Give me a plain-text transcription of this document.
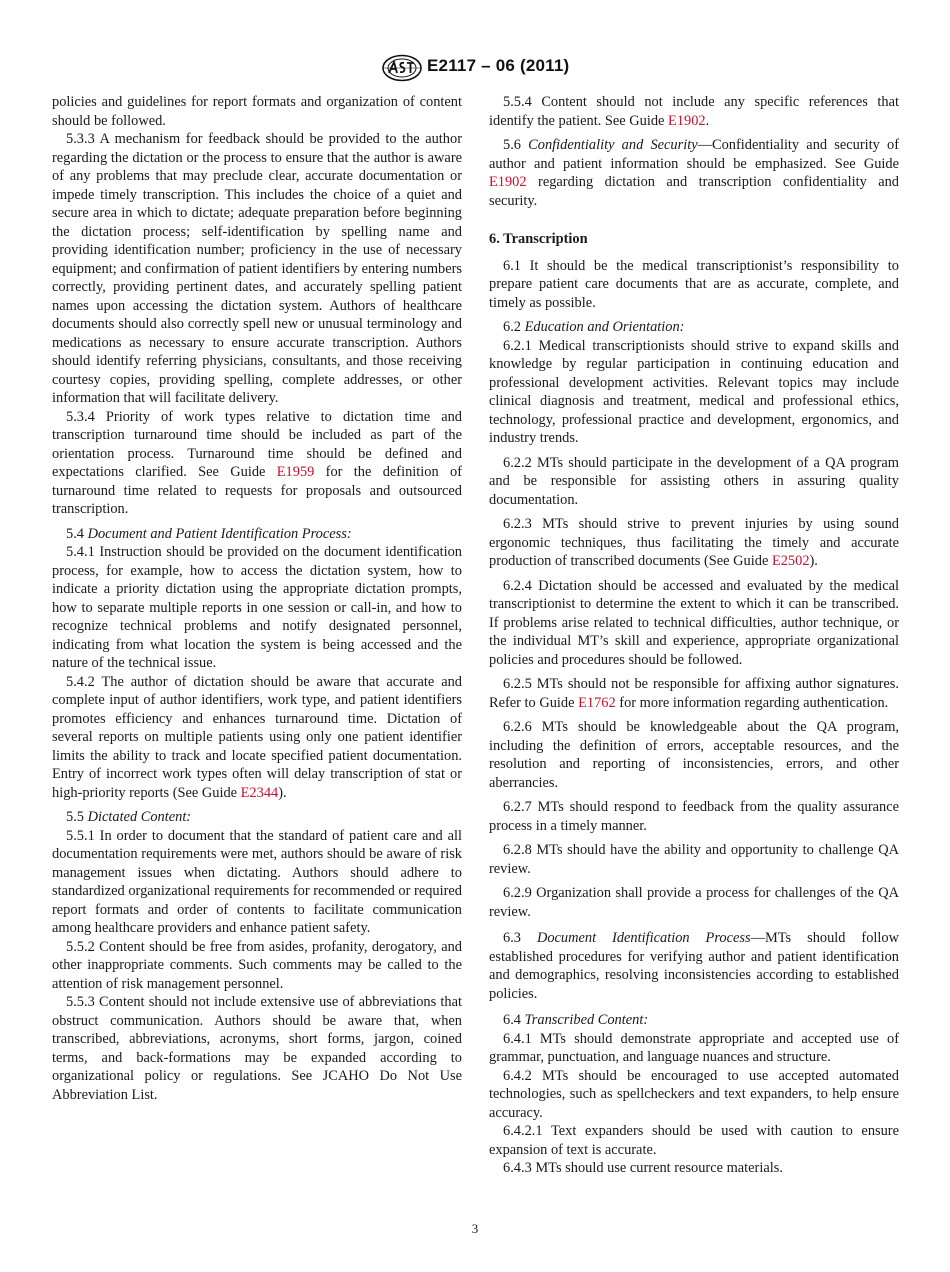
E2117 – 06 (2011)

policies and guidelines for report formats and organization of content should be followed.

5.3.3 A mechanism for feedback should be provided to the author regarding the dictation or the process to ensure that the author is aware of any problems that may preclude clear, accurate documentation or impede timely transcription. This includes the choice of a quiet and secure area in which to dictate; adequate preparation before beginning the dictation process; self-identification by spelling name and providing identification number; proficiency in the use of necessary equipment; and confirmation of patient identifiers by entering numbers correctly, providing pertinent dates, and accurately spelling patient names upon accessing the dictation system. Authors of healthcare documents should also correctly spell new or unusual terminology and medications as necessary to ensure accurate transcription. Authors should identify referring physicians, consultants, and those receiving courtesy copies, providing spelling, complete addresses, or other information that will facilitate delivery.

5.3.4 Priority of work types relative to dictation time and transcription turnaround time should be included as part of the orientation process. Turnaround time should be defined and expectations clarified. See Guide E1959 for the definition of turnaround time related to requests for proposals and outsourced transcription.

5.4 Document and Patient Identification Process:

5.4.1 Instruction should be provided on the document identification process, for example, how to access the dictation system, how to indicate a priority dictation using the appropriate dictation prompts, how to separate multiple reports in one session or call-in, and how to recognize technical problems and notify designated personnel, indicating from what location the system is being accessed and the nature of the technical issue.

5.4.2 The author of dictation should be aware that accurate and complete input of author identifiers, work type, and patient identifiers promotes efficiency and enhances turnaround time. Dictation of several reports on multiple patients using only one patient identifier limits the ability to track and locate specified patient documentation. Entry of incorrect work types often will delay transcription of stat or high-priority reports (See Guide E2344).

5.5 Dictated Content:

5.5.1 In order to document that the standard of patient care and all documentation requirements were met, authors should be aware of risk management issues when dictating. Authors should adhere to standardized organizational requirements for recommended or required report formats and order of contents to facilitate communication among healthcare providers and enhance patient safety.

5.5.2 Content should be free from asides, profanity, derogatory, and other inappropriate comments. Such comments may be called to the attention of risk management personnel.

5.5.3 Content should not include extensive use of abbreviations that obstruct communication. Authors should be aware that, when transcribed, abbreviations, acronyms, short forms, jargon, coined terms, and back-formations may be expanded according to organizational policy or regulations. See JCAHO Do Not Use Abbreviation List.

5.5.4 Content should not include any specific references that identify the patient. See Guide E1902.

5.6 Confidentiality and Security—Confidentiality and security of author and patient information should be emphasized. See Guide E1902 regarding dictation and transcription confidentiality and security.

6. Transcription

6.1 It should be the medical transcriptionist’s responsibility to prepare patient care documents that are as accurate, complete, and timely as possible.

6.2 Education and Orientation:

6.2.1 Medical transcriptionists should strive to expand skills and knowledge by regular participation in continuing education and professional development activities. Relevant topics may include clinical diagnosis and treatment, medical and professional ethics, technology, professional practice and development, ergonomics, and industry trends.

6.2.2 MTs should participate in the development of a QA program and be responsible for assisting others in assuring quality documentation.

6.2.3 MTs should strive to prevent injuries by using sound ergonomic techniques, thus facilitating the timely and accurate production of transcribed documents (See Guide E2502).

6.2.4 Dictation should be accessed and evaluated by the medical transcriptionist to determine the extent to which it can be transcribed. If problems arise related to technical difficulties, author technique, or the individual MT’s skill and experience, appropriate organizational policies and procedures should be followed.

6.2.5 MTs should not be responsible for affixing author signatures. Refer to Guide E1762 for more information regarding authentication.

6.2.6 MTs should be knowledgeable about the QA program, including the definition of errors, acceptable resources, and the resolution and reporting of inconsistencies, errors, and other aberrancies.

6.2.7 MTs should respond to feedback from the quality assurance process in a timely manner.

6.2.8 MTs should have the ability and opportunity to challenge QA review.

6.2.9 Organization shall provide a process for challenges of the QA review.

6.3 Document Identification Process—MTs should follow established procedures for verifying author and patient identification and demographics, resolving inconsistencies according to established policies.

6.4 Transcribed Content:

6.4.1 MTs should demonstrate appropriate and accepted use of grammar, punctuation, and language nuances and structure.

6.4.2 MTs should be encouraged to use accepted automated technologies, such as spellcheckers and text expanders, to help ensure accuracy.

6.4.2.1 Text expanders should be used with caution to ensure expansion of text is accurate.

6.4.3 MTs should use current resource materials.

3
